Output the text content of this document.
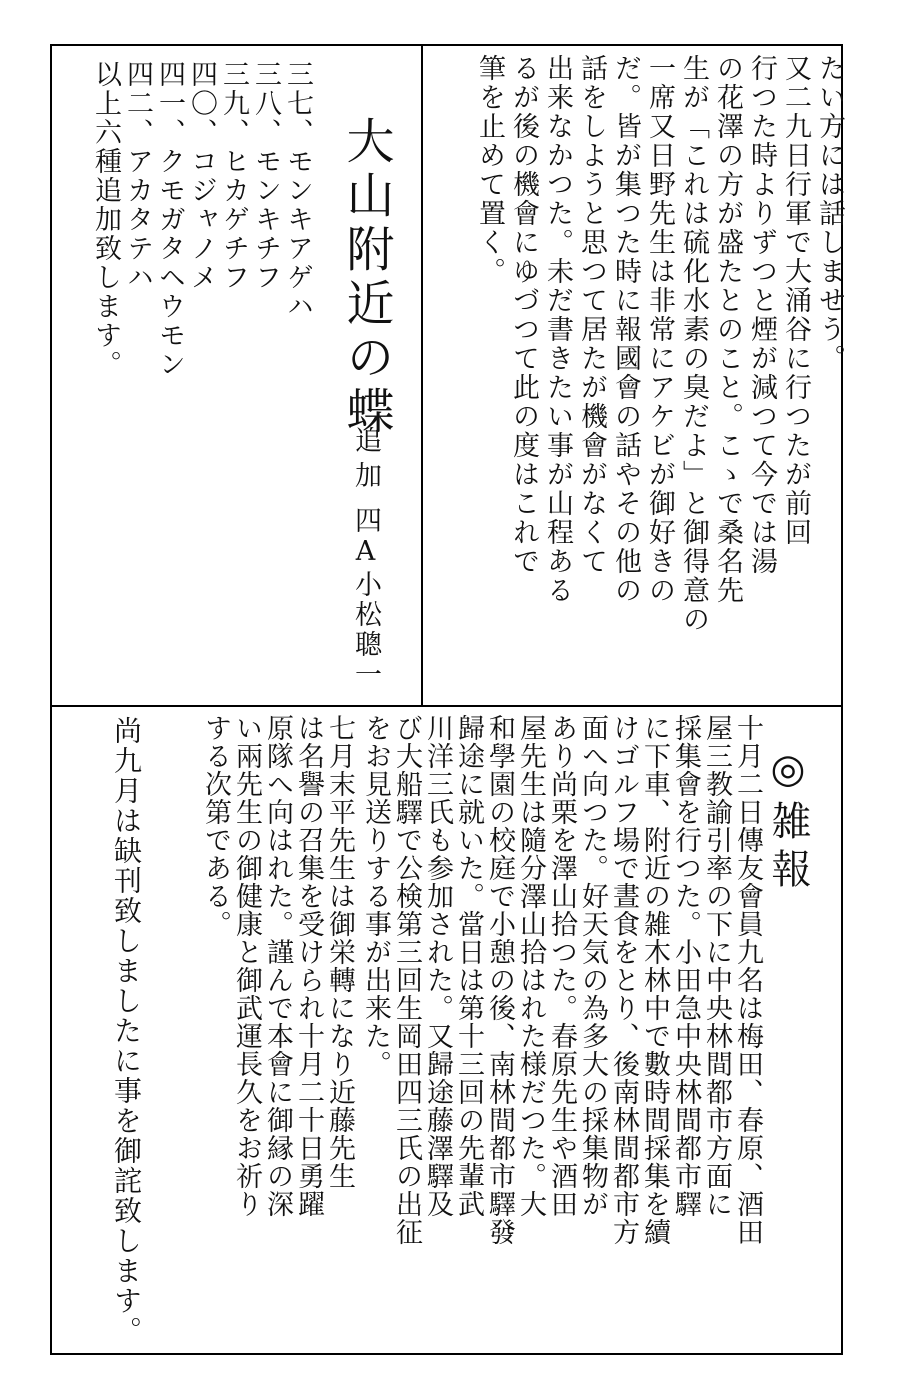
たい方には話しませう。
又二九日行軍で大涌谷に行つたが前回
行つた時よりずつと煙が減つて今では湯
の花澤の方が盛たとのこと。こゝで桑名先
生が「これは硫化水素の臭だよ」と御得意の
一席又日野先生は非常にアケビが御好きの
だ。皆が集つた時に報國會の話やその他の
話をしようと思つて居たが機會がなくて
出来なかつた。未だ書きたい事が山程ある
るが後の機會にゆづつて此の度はこれで
筆を止めて置く。
大山附近の蝶
追加
四A小松聰一
三七、モンキアゲハ
三八、モンキチフ
三九、ヒカゲチフ
四〇、コジャノメ
四一、クモガタヘウモン
四二、アカタテハ
以上六種追加致します。
◎雑報
十月二日傳友會員九名は梅田、春原、酒田
屋三教諭引率の下に中央林間都市方面に
採集會を行つた。小田急中央林間都市驛
に下車、附近の雑木林中で數時間採集を續
けゴルフ場で晝食をとり、後南林間都市方
面へ向つた。好天気の為多大の採集物が
あり尚栗を澤山拾つた。春原先生や酒田
屋先生は隨分澤山拾はれた様だつた。大
和學園の校庭で小憩の後、南林間都市驛發
歸途に就いた。當日は第十三回の先輩武
川洋三氏も参加された。又歸途藤澤驛及
び大船驛で公検第三回生岡田四三氏の出征
をお見送りする事が出来た。
七月末平先生は御栄轉になり近藤先生
は名譽の召集を受けられ十月二十日勇躍
原隊へ向はれた。謹んで本會に御縁の深
い兩先生の御健康と御武運長久をお祈り
する次第である。
尚九月は缺刊致しましたに事を御詫致します。
